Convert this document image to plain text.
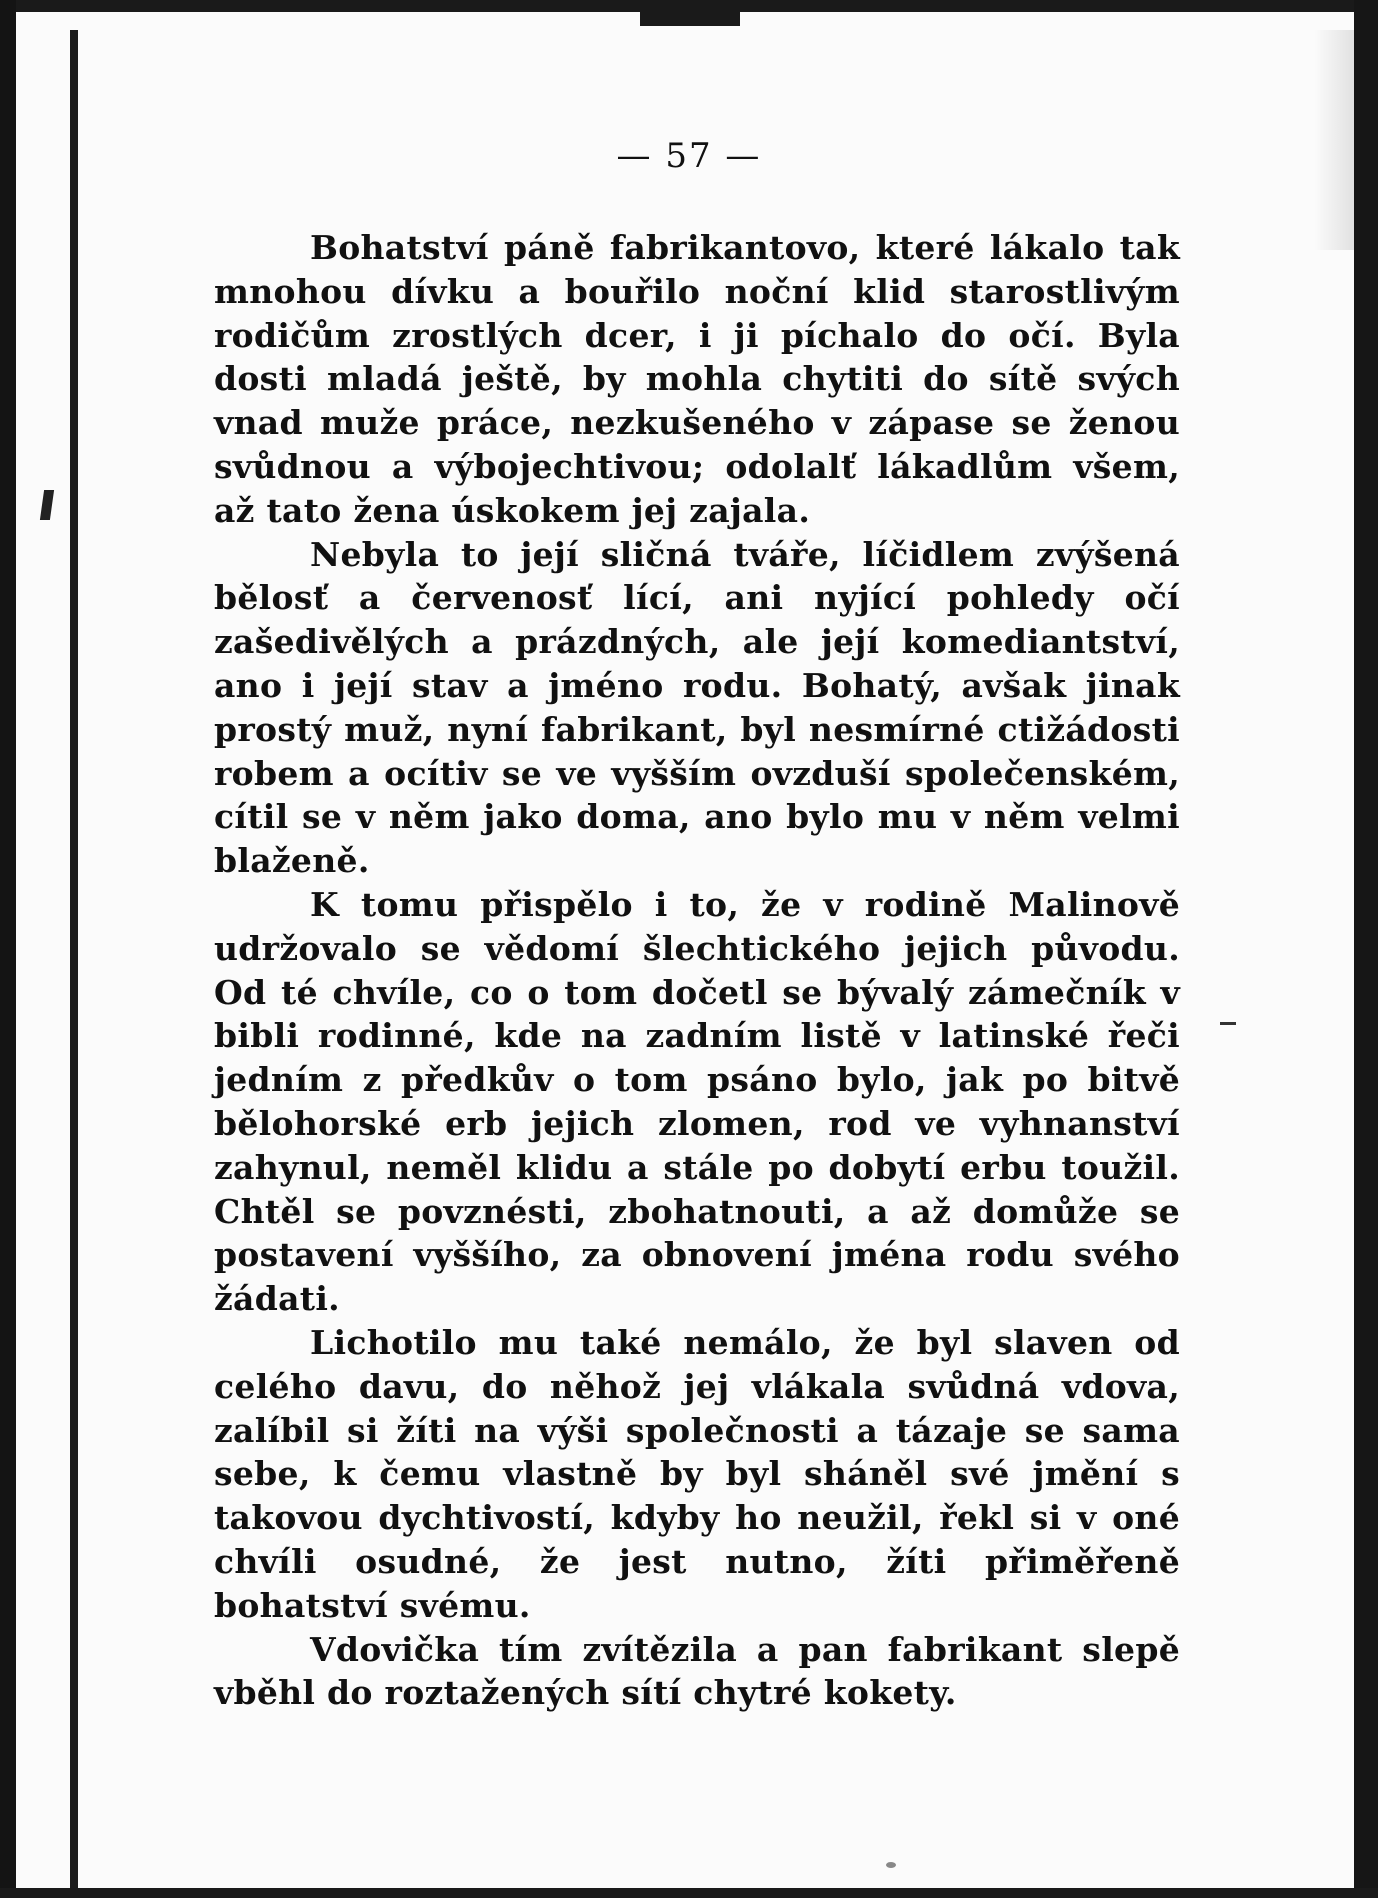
— 57 —

Bohatství páně fabrikantovo, které lákalo tak mnohou dívku a bouřilo noční klid starostlivým rodičům zrostlých dcer, i ji píchalo do očí. Byla dosti mladá ještě, by mohla chytiti do sítě svých vnad muže práce, nezkušeného v zápase se ženou svůdnou a výbojechtivou; odolalť lákadlům všem, až tato žena úskokem jej zajala.

Nebyla to její sličná tváře, líčidlem zvýšená bělosť a červenosť lící, ani nyjící pohledy očí zašedivělých a prázdných, ale její komediantství, ano i její stav a jméno rodu. Bohatý, avšak jinak prostý muž, nyní fabrikant, byl nesmírné ctižádosti robem a ocítiv se ve vyšším ovzduší společenském, cítil se v něm jako doma, ano bylo mu v něm velmi blaženě.

K tomu přispělo i to, že v rodině Malinově udržovalo se vědomí šlechtického jejich původu. Od té chvíle, co o tom dočetl se bývalý zámečník v bibli rodinné, kde na zadním listě v latinské řeči jedním z předkův o tom psáno bylo, jak po bitvě bělohorské erb jejich zlomen, rod ve vyhnanství zahynul, neměl klidu a stále po dobytí erbu toužil. Chtěl se povznésti, zbohatnouti, a až domůže se postavení vyššího, za obnovení jména rodu svého žádati.

Lichotilo mu také nemálo, že byl slaven od celého davu, do něhož jej vlákala svůdná vdova, zalíbil si žíti na výši společnosti a tázaje se sama sebe, k čemu vlastně by byl sháněl své jmění s takovou dychtivostí, kdyby ho neužil, řekl si v oné chvíli osudné, že jest nutno, žíti přiměřeně bohatství svému.

Vdovička tím zvítězila a pan fabrikant slepě vběhl do roztažených sítí chytré kokety.
